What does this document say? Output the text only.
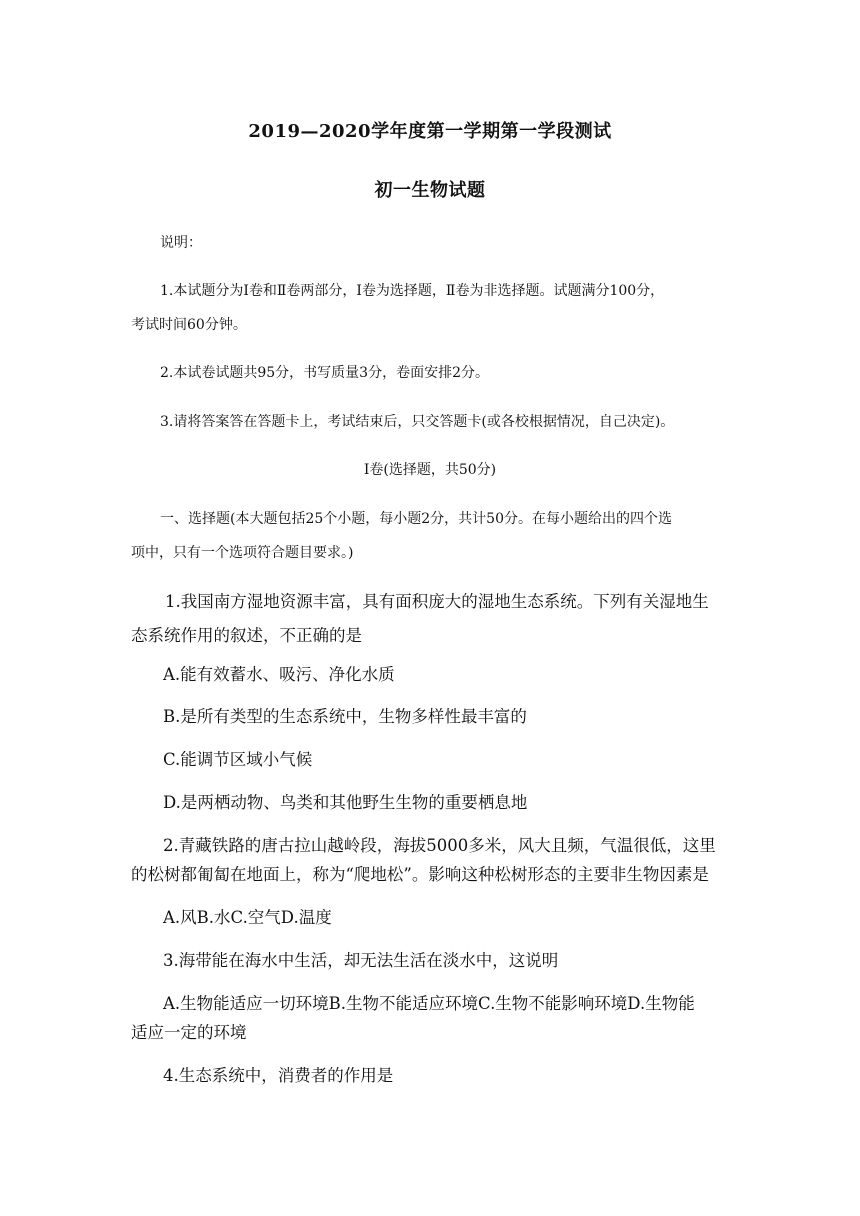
2019—2020学年度第一学期第一学段测试
初一生物试题
说明：
1.本试题分为Ⅰ卷和Ⅱ卷两部分，Ⅰ卷为选择题，Ⅱ卷为非选择题。试题满分100分，
考试时间60分钟。
2.本试卷试题共95分，书写质量3分，卷面安排2分。
3.请将答案答在答题卡上，考试结束后，只交答题卡(或各校根据情况，自己决定)。
Ⅰ卷(选择题，共50分)
一、选择题(本大题包括25个小题，每小题2分，共计50分。在每小题给出的四个选
项中，只有一个选项符合题目要求。)
1.我国南方湿地资源丰富，具有面积庞大的湿地生态系统。下列有关湿地生
态系统作用的叙述，不正确的是
A.能有效蓄水、吸污、净化水质
B.是所有类型的生态系统中，生物多样性最丰富的
C.能调节区域小气候
D.是两栖动物、鸟类和其他野生生物的重要栖息地
2.青藏铁路的唐古拉山越岭段，海拔5000多米，风大且频，气温很低，这里
的松树都匍匐在地面上，称为“爬地松”。影响这种松树形态的主要非生物因素是
A.风B.水C.空气D.温度
3.海带能在海水中生活，却无法生活在淡水中，这说明
A.生物能适应一切环境B.生物不能适应环境C.生物不能影响环境D.生物能
适应一定的环境
4.生态系统中，消费者的作用是
